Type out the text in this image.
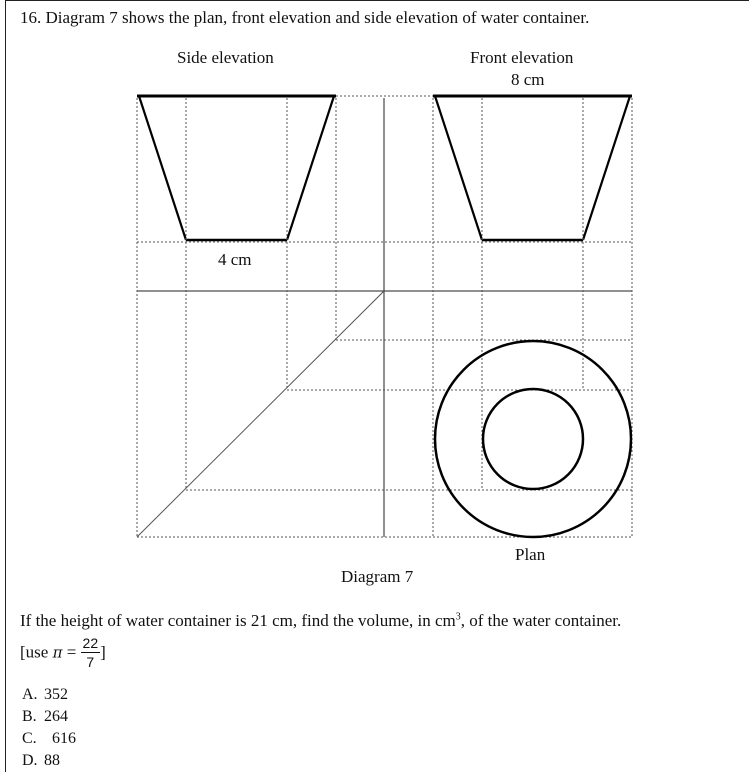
16. Diagram 7 shows the plan, front elevation and side elevation of water container.
Side elevation	Front elevation
8 cm
4 cm
Plan
Diagram 7
If the height of water container is 21 cm, find the volume, in $cm^3$, of the water container.
[use $\pi = \frac{22}{7}$ ]
A. 352
B. 264
C. 616
D. 88
